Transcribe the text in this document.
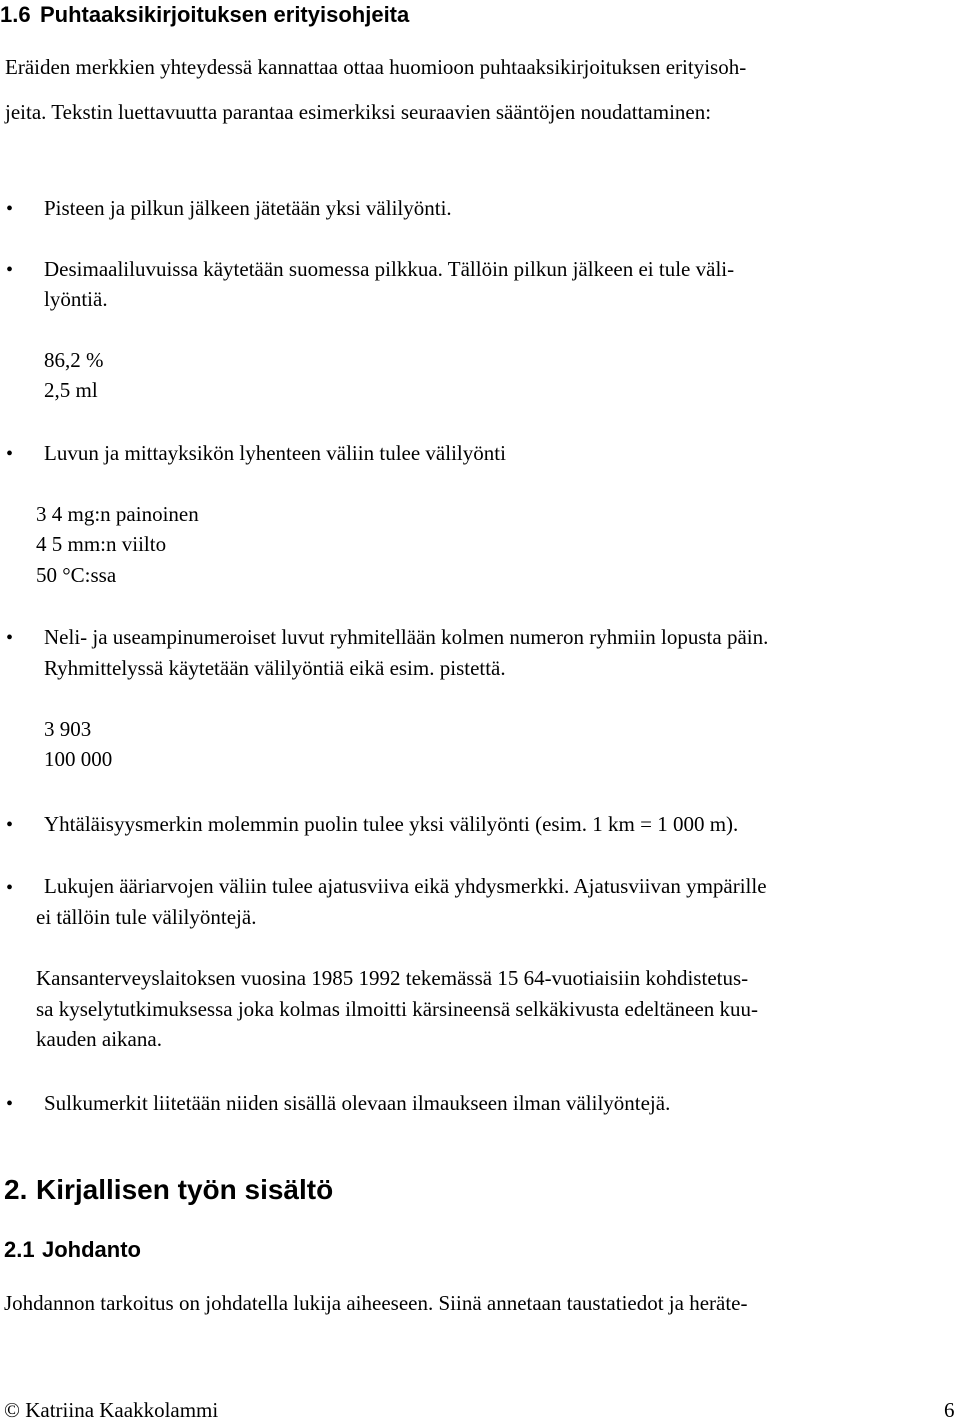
1.6 Puhtaaksikirjoituksen erityisohjeita

Eräiden merkkien yhteydessä kannattaa ottaa huomioon puhtaaksikirjoituksen erityisoh-

jeita. Tekstin luettavuutta parantaa esimerkiksi seuraavien sääntöjen noudattaminen:

• Pisteen ja pilkun jälkeen jätetään yksi välilyönti.

• Desimaaliluvuissa käytetään suomessa pilkkua. Tällöin pilkun jälkeen ei tule väli-

lyöntiä.

86,2 %

2,5 ml

• Luvun ja mittayksikön lyhenteen väliin tulee välilyönti

3 4 mg:n painoinen

4 5 mm:n viilto

50 °C:ssa

• Neli- ja useampinumeroiset luvut ryhmitellään kolmen numeron ryhmiin lopusta päin.

Ryhmittelyssä käytetään välilyöntiä eikä esim. pistettä.

3 903

100 000

• Yhtäläisyysmerkin molemmin puolin tulee yksi välilyönti (esim. 1 km = 1 000 m).

• Lukujen ääriarvojen väliin tulee ajatusviiva eikä yhdysmerkki. Ajatusviivan ympärille

ei tällöin tule välilyöntejä.

Kansanterveyslaitoksen vuosina 1985 1992 tekemässä 15 64-vuotiaisiin kohdistetus-

sa kyselytutkimuksessa joka kolmas ilmoitti kärsineensä selkäkivusta edeltäneen kuu-

kauden aikana.

• Sulkumerkit liitetään niiden sisällä olevaan ilmaukseen ilman välilyöntejä.

2. Kirjallisen työn sisältö
2.1 Johdanto

Johdannon tarkoitus on johdatella lukija aiheeseen. Siinä annetaan taustatiedot ja heräte-

© Katriina Kaakkolammi	6
